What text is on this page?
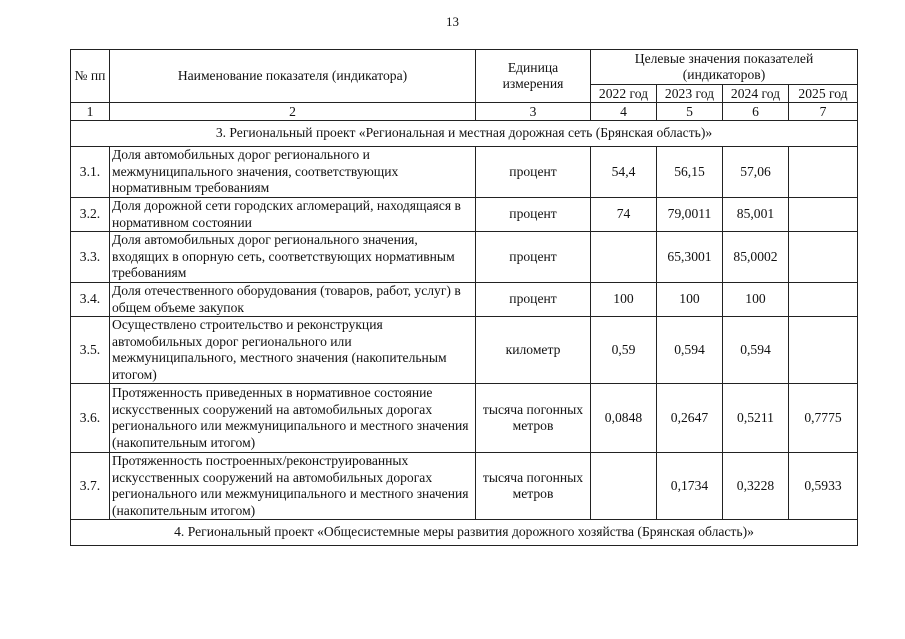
13
№ пп	Наименование показателя (индикатора)	Единица измерения	Целевые значения показателей (индикаторов)			
			2022 год	2023 год	2024 год	2025 год
1	2	3	4	5	6	7
3. Региональный проект «Региональная и местная дорожная сеть (Брянская область)»						
3.1.	Доля автомобильных дорог регионального и межмуниципального значения, соответствующих нормативным требованиям	процент	54,4	56,15	57,06	
3.2.	Доля дорожной сети городских агломераций, находящаяся в нормативном состоянии	процент	74	79,0011	85,001	
3.3.	Доля автомобильных дорог регионального значения, входящих в опорную сеть, соответствующих нормативным требованиям	процент		65,3001	85,0002	
3.4.	Доля отечественного оборудования (товаров, работ, услуг) в общем объеме закупок	процент	100	100	100	
3.5.	Осуществлено строительство и реконструкция автомобильных дорог регионального или межмуниципального, местного значения (накопительным итогом)	километр	0,59	0,594	0,594	
3.6.	Протяженность приведенных в нормативное состояние искусственных сооружений на автомобильных дорогах регионального или межмуниципального и местного значения (накопительным итогом)	тысяча погонных метров	0,0848	0,2647	0,5211	0,7775
3.7.	Протяженность построенных/реконструированных искусственных сооружений на автомобильных дорогах регионального или межмуниципального и местного значения (накопительным итогом)	тысяча погонных метров		0,1734	0,3228	0,5933
4. Региональный проект «Общесистемные меры развития дорожного хозяйства (Брянская область)»						
